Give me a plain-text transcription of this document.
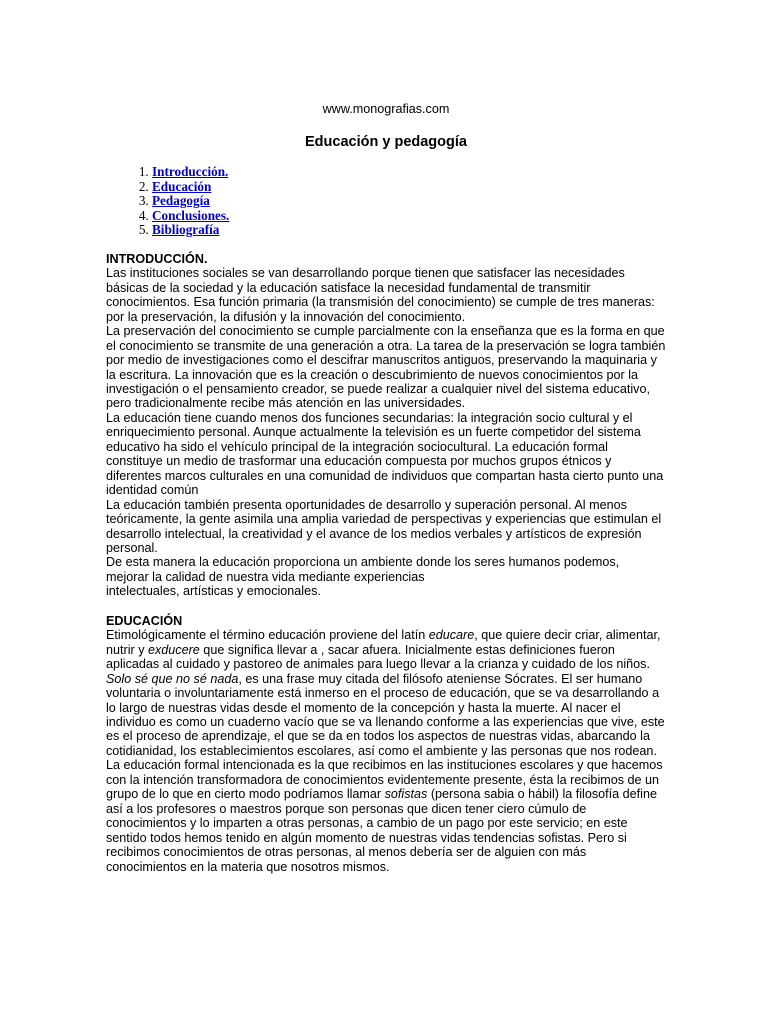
www.monografias.com
Educación y pedagogía
1. Introducción.
2. Educación
3. Pedagogía
4. Conclusiones.
5. Bibliografía
INTRODUCCIÓN.

Las instituciones sociales se van desarrollando porque tienen que satisfacer las necesidades básicas de la sociedad y la educación satisface la necesidad fundamental de transmitir conocimientos. Esa función primaria (la transmisión del conocimiento) se cumple de tres maneras: por la preservación, la difusión y la innovación del conocimiento.

La preservación del conocimiento se cumple parcialmente con la enseñanza que es la forma en que el conocimiento se transmite de una generación a otra. La tarea de la preservación se logra también por medio de investigaciones como el descifrar manuscritos antiguos, preservando la maquinaria y la escritura. La innovación que es la creación o descubrimiento de nuevos conocimientos por la investigación o el pensamiento creador, se puede realizar a cualquier nivel del sistema educativo, pero tradicionalmente recibe más atención en las universidades.

La educación tiene cuando menos dos funciones secundarias: la integración socio cultural y el enriquecimiento personal. Aunque actualmente la televisión es un fuerte competidor del sistema educativo ha sido el vehículo principal de la integración sociocultural. La educación formal constituye un medio de trasformar una educación compuesta por muchos grupos étnicos y diferentes marcos culturales en una comunidad de individuos que compartan hasta cierto punto una identidad común

La educación también presenta oportunidades de desarrollo y superación personal. Al menos teóricamente, la gente asimila una amplia variedad de perspectivas y experiencias que estimulan el desarrollo intelectual, la creatividad y el avance de los medios verbales y artísticos de expresión personal.

De esta manera la educación proporciona un ambiente donde los seres humanos podemos,

mejorar la calidad de nuestra vida mediante experiencias

intelectuales, artísticas y emocionales.

EDUCACIÓN

Etimológicamente el término educación proviene del latín educare, que quiere decir criar, alimentar, nutrir y exducere que significa llevar a , sacar afuera. Inicialmente estas definiciones fueron aplicadas al cuidado y pastoreo de animales para luego llevar a la crianza y cuidado de los niños.

Solo sé que no sé nada, es una frase muy citada del filósofo ateniense Sócrates. El ser humano voluntaria o involuntariamente está inmerso en el proceso de educación, que se va desarrollando a lo largo de nuestras vidas desde el momento de la concepción y hasta la muerte. Al nacer el individuo es como un cuaderno vacío que se va llenando conforme a las experiencias que vive, este es el proceso de aprendizaje, el que se da en todos los aspectos de nuestras vidas, abarcando la cotidianidad, los establecimientos escolares, así como el ambiente y las personas que nos rodean.

La educación formal intencionada es la que recibimos en las instituciones escolares y que hacemos con la intención transformadora de conocimientos evidentemente presente, ésta la recibimos de un grupo de lo que en cierto modo podríamos llamar sofistas (persona sabia o hábil) la filosofía define así a los profesores o maestros porque son personas que dicen tener ciero cúmulo de conocimientos y lo imparten a otras personas, a cambio de un pago por este servicio; en este sentido todos hemos tenido en algún momento de nuestras vidas tendencias sofistas. Pero si recibimos conocimientos de otras personas, al menos debería ser de alguien con más conocimientos en la materia que nosotros mismos.
